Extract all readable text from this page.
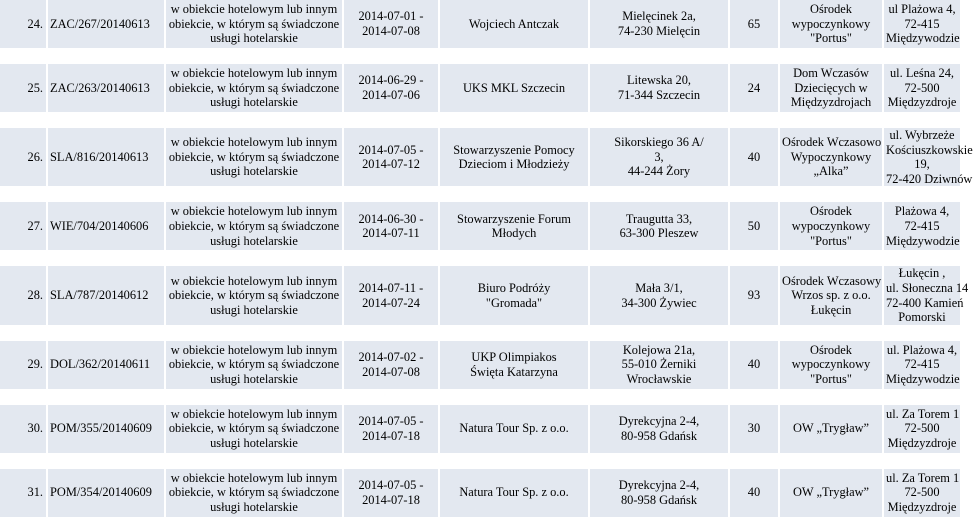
24.	ZAC/267/20140613	w obiekcie hotelowym lub innym
obiekcie, w którym są świadczone
usługi hotelarskie	2014-07-01 -
2014-07-08	Wojciech Antczak	Mielęcinek 2a,
74-230 Mielęcin	65	Ośrodek
wypoczynkowy
"Portus"	ul Plażowa 4,
72-415
Międzywodzie

25.	ZAC/263/20140613	w obiekcie hotelowym lub innym
obiekcie, w którym są świadczone
usługi hotelarskie	2014-06-29 -
2014-07-06	UKS MKL Szczecin	Litewska 20,
71-344 Szczecin	24	Dom Wczasów
Dziecięcych w
Międzyzdrojach	ul. Leśna 24,
72-500
Międzyzdroje

26.	SLA/816/20140613	w obiekcie hotelowym lub innym
obiekcie, w którym są świadczone
usługi hotelarskie	2014-07-05 -
2014-07-12	Stowarzyszenie Pomocy
Dzieciom i Młodzieży	Sikorskiego 36 A/
3,
44-244 Żory	40	Ośrodek Wczasowo
Wypoczynkowy
„Alka”	ul. Wybrzeże
Kościuszkowskie
19,
72-420 Dziwnów

27.	WIE/704/20140606	w obiekcie hotelowym lub innym
obiekcie, w którym są świadczone
usługi hotelarskie	2014-06-30 -
2014-07-11	Stowarzyszenie Forum
Młodych	Traugutta 33,
63-300 Pleszew	50	Ośrodek
wypoczynkowy
"Portus"	Plażowa 4,
72-415
Międzywodzie

28.	SLA/787/20140612	w obiekcie hotelowym lub innym
obiekcie, w którym są świadczone
usługi hotelarskie	2014-07-11 -
2014-07-24	Biuro Podróży
"Gromada"	Mała 3/1,
34-300 Żywiec	93	Ośrodek Wczasowy
Wrzos sp. z o.o.
Łukęcin	Łukęcin ,
ul. Słoneczna 14
72-400 Kamień
Pomorski

29.	DOL/362/20140611	w obiekcie hotelowym lub innym
obiekcie, w którym są świadczone
usługi hotelarskie	2014-07-02 -
2014-07-08	UKP Olimpiakos
Święta Katarzyna	Kolejowa 21a,
55-010 Żerniki
Wrocławskie	40	Ośrodek
wypoczynkowy
"Portus"	ul. Plażowa 4,
72-415
Międzywodzie

30.	POM/355/20140609	w obiekcie hotelowym lub innym
obiekcie, w którym są świadczone
usługi hotelarskie	2014-07-05 -
2014-07-18	Natura Tour Sp. z o.o.	Dyrekcyjna 2-4,
80-958 Gdańsk	30	OW „Trygław”	ul. Za Torem 1
72-500
Międzyzdroje

31.	POM/354/20140609	w obiekcie hotelowym lub innym
obiekcie, w którym są świadczone
usługi hotelarskie	2014-07-05 -
2014-07-18	Natura Tour Sp. z o.o.	Dyrekcyjna 2-4,
80-958 Gdańsk	40	OW „Trygław”	ul. Za Torem 1
72-500
Międzyzdroje
